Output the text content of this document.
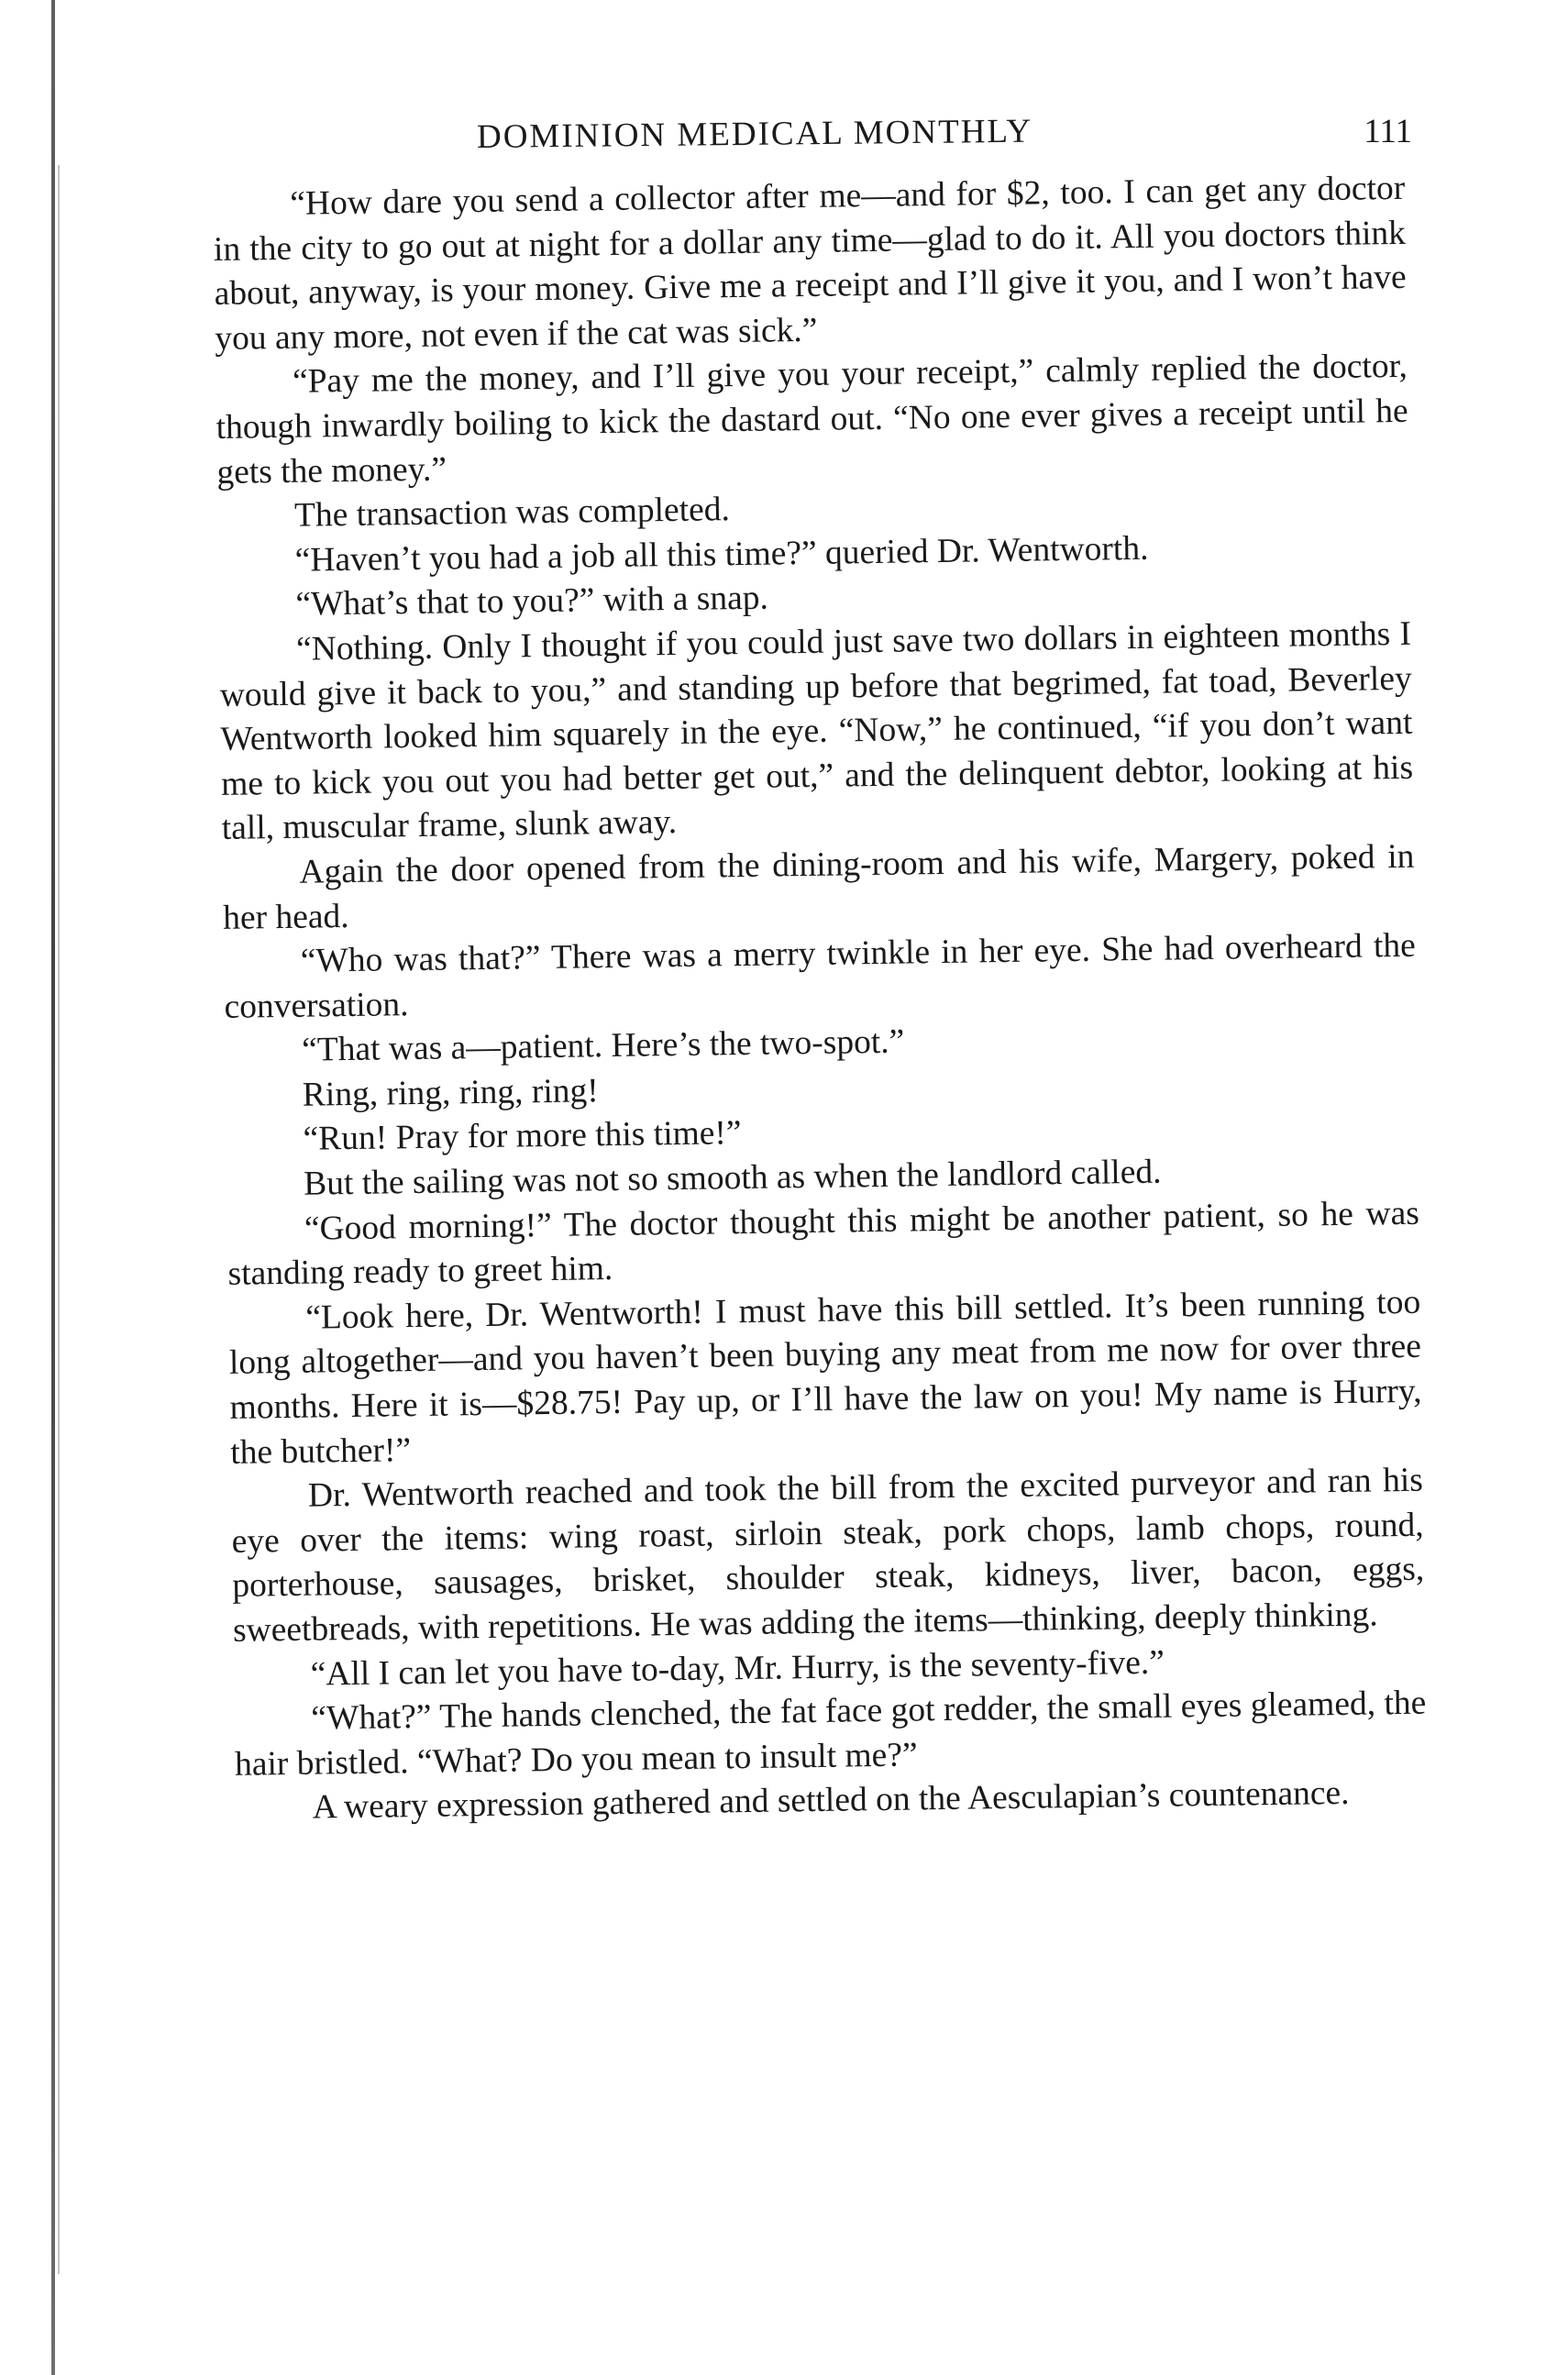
DOMINION MEDICAL MONTHLY	111

“How dare you send a collector after me—and for $2, too. I can get any doctor in the city to go out at night for a dollar any time—glad to do it. All you doctors think about, anyway, is your money. Give me a receipt and I’ll give it you, and I won’t have you any more, not even if the cat was sick.”

“Pay me the money, and I’ll give you your receipt,” calmly replied the doctor, though inwardly boiling to kick the dastard out. “No one ever gives a receipt until he gets the money.”

The transaction was completed.

“Haven’t you had a job all this time?” queried Dr. Wentworth.

“What’s that to you?” with a snap.

“Nothing. Only I thought if you could just save two dollars in eighteen months I would give it back to you,” and standing up before that begrimed, fat toad, Beverley Wentworth looked him squarely in the eye. “Now,” he continued, “if you don’t want me to kick you out you had better get out,” and the delinquent debtor, looking at his tall, muscular frame, slunk away.

Again the door opened from the dining-room and his wife, Margery, poked in her head.

“Who was that?” There was a merry twinkle in her eye. She had overheard the conversation.

“That was a—patient. Here’s the two-spot.”

Ring, ring, ring, ring!

“Run! Pray for more this time!”

But the sailing was not so smooth as when the landlord called.

“Good morning!” The doctor thought this might be another patient, so he was standing ready to greet him.

“Look here, Dr. Wentworth! I must have this bill settled. It’s been running too long altogether—and you haven’t been buying any meat from me now for over three months. Here it is—$28.75! Pay up, or I’ll have the law on you! My name is Hurry, the butcher!”

Dr. Wentworth reached and took the bill from the excited purveyor and ran his eye over the items: wing roast, sirloin steak, pork chops, lamb chops, round, porterhouse, sausages, brisket, shoulder steak, kidneys, liver, bacon, eggs, sweetbreads, with repetitions. He was adding the items—thinking, deeply thinking.

“All I can let you have to-day, Mr. Hurry, is the seventy-five.”

“What?” The hands clenched, the fat face got redder, the small eyes gleamed, the hair bristled. “What? Do you mean to insult me?”

A weary expression gathered and settled on the Aesculapian’s countenance.
